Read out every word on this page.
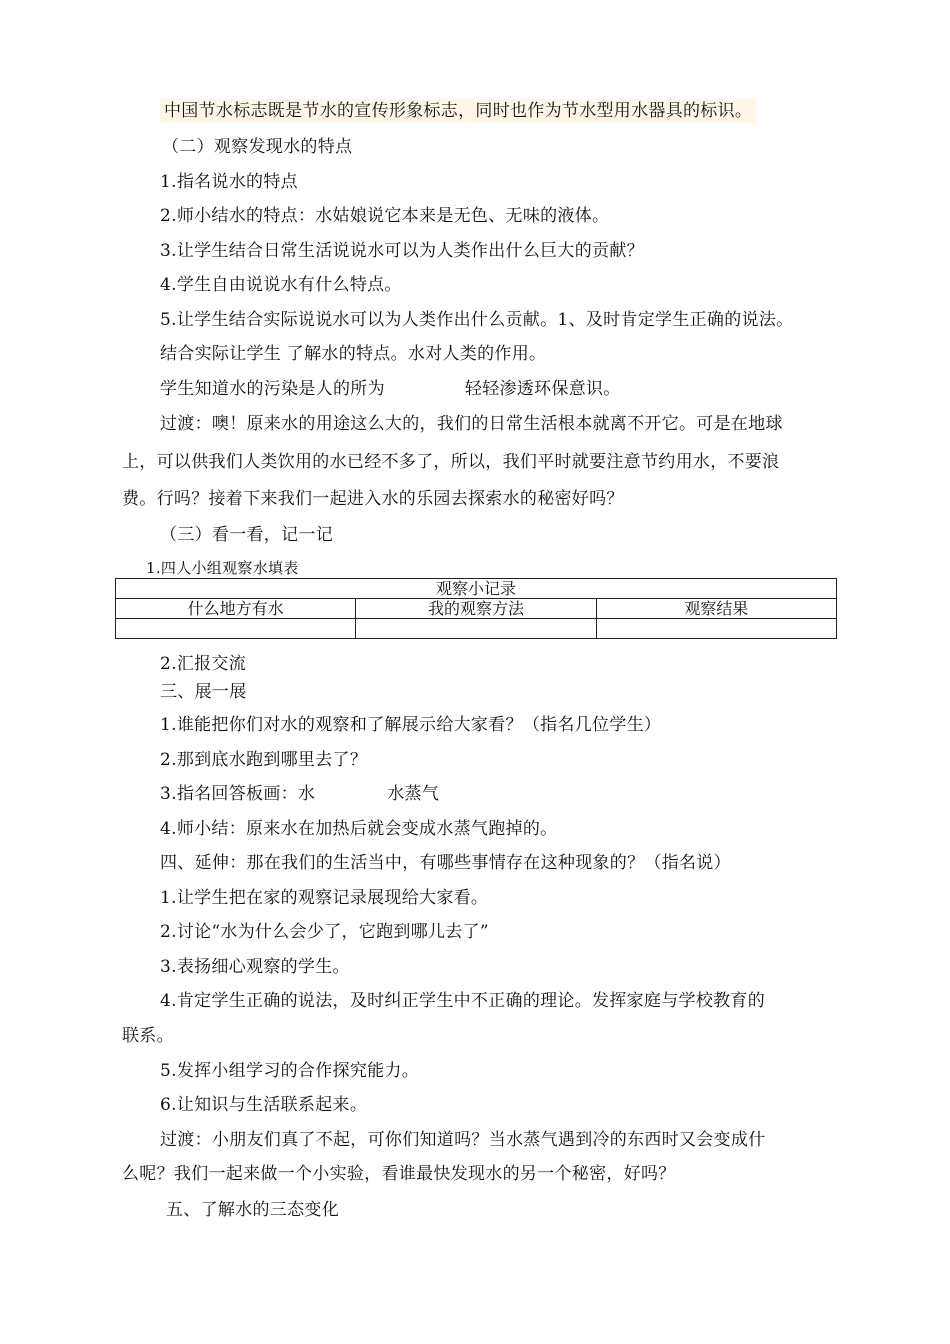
中国节水标志既是节水的宣传形象标志，同时也作为节水型用水器具的标识。
（二）观察发现水的特点
1.指名说水的特点
2.师小结水的特点：水姑娘说它本来是无色、无味的液体。
3.让学生结合日常生活说说水可以为人类作出什么巨大的贡献？
4.学生自由说说水有什么特点。
5.让学生结合实际说说水可以为人类作出什么贡献。1、及时肯定学生正确的说法。
结合实际让学生 了解水的特点。水对人类的作用。
学生知道水的污染是人的所为	轻轻渗透环保意识。
过渡：噢！原来水的用途这么大的，我们的日常生活根本就离不开它。可是在地球
上，可以供我们人类饮用的水已经不多了，所以，我们平时就要注意节约用水，不要浪
费。行吗？接着下来我们一起进入水的乐园去探索水的秘密好吗？
（三）看一看，记一记
1.四人小组观察水填表
观察小记录		
什么地方有水	我的观察方法	观察结果

2.汇报交流
三、展一展
1.谁能把你们对水的观察和了解展示给大家看？（指名几位学生）
2.那到底水跑到哪里去了？
3.指名回答板画：水	水蒸气
4.师小结：原来水在加热后就会变成水蒸气跑掉的。
四、延伸：那在我们的生活当中，有哪些事情存在这种现象的？（指名说）
1.让学生把在家的观察记录展现给大家看。
2.讨论“水为什么会少了，它跑到哪儿去了”
3.表扬细心观察的学生。
4.肯定学生正确的说法，及时纠正学生中不正确的理论。发挥家庭与学校教育的
联系。
5.发挥小组学习的合作探究能力。
6.让知识与生活联系起来。
过渡：小朋友们真了不起，可你们知道吗？当水蒸气遇到冷的东西时又会变成什
么呢？我们一起来做一个小实验，看谁最快发现水的另一个秘密，好吗？
五、了解水的三态变化
